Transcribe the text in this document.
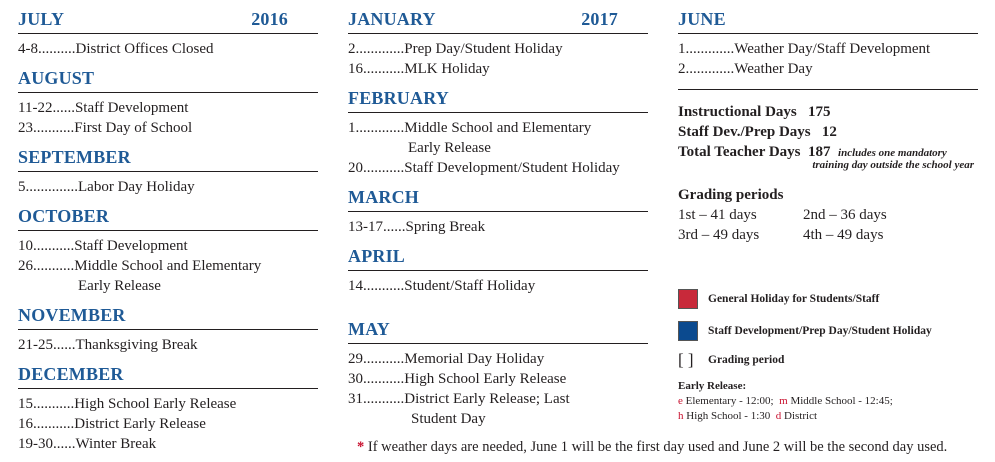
JULY	2016
4-8..........District Offices Closed
AUGUST
11-22......Staff Development
23...........First Day of School
SEPTEMBER
5..............Labor Day Holiday
OCTOBER
10...........Staff Development
26...........Middle School and Elementary
Early Release
NOVEMBER
21-25......Thanksgiving Break
DECEMBER
15...........High School Early Release
16...........District Early Release
19-30......Winter Break
JANUARY	2017
2.............Prep Day/Student Holiday
16...........MLK Holiday
FEBRUARY
1.............Middle School and Elementary
Early Release
20...........Staff Development/Student Holiday
MARCH
13-17......Spring Break
APRIL
14...........Student/Staff Holiday
MAY
29...........Memorial Day Holiday
30...........High School Early Release
31...........District Early Release; Last
Student Day
JUNE
1.............Weather Day/Staff Development
2.............Weather Day
Instructional Days 175
Staff Dev./Prep Days 12
Total Teacher Days 187 includes one mandatory
training day outside the school year
Grading periods
1st – 41 days	2nd – 36 days
3rd – 49 days	4th – 49 days
General Holiday for Students/Staff
Staff Development/Prep Day/Student Holiday
[ ]	Grading period
Early Release:
e Elementary - 12:00; m Middle School - 12:45;
h High School - 1:30 d District
* If weather days are needed, June 1 will be the first day used and June 2 will be the second day used.
